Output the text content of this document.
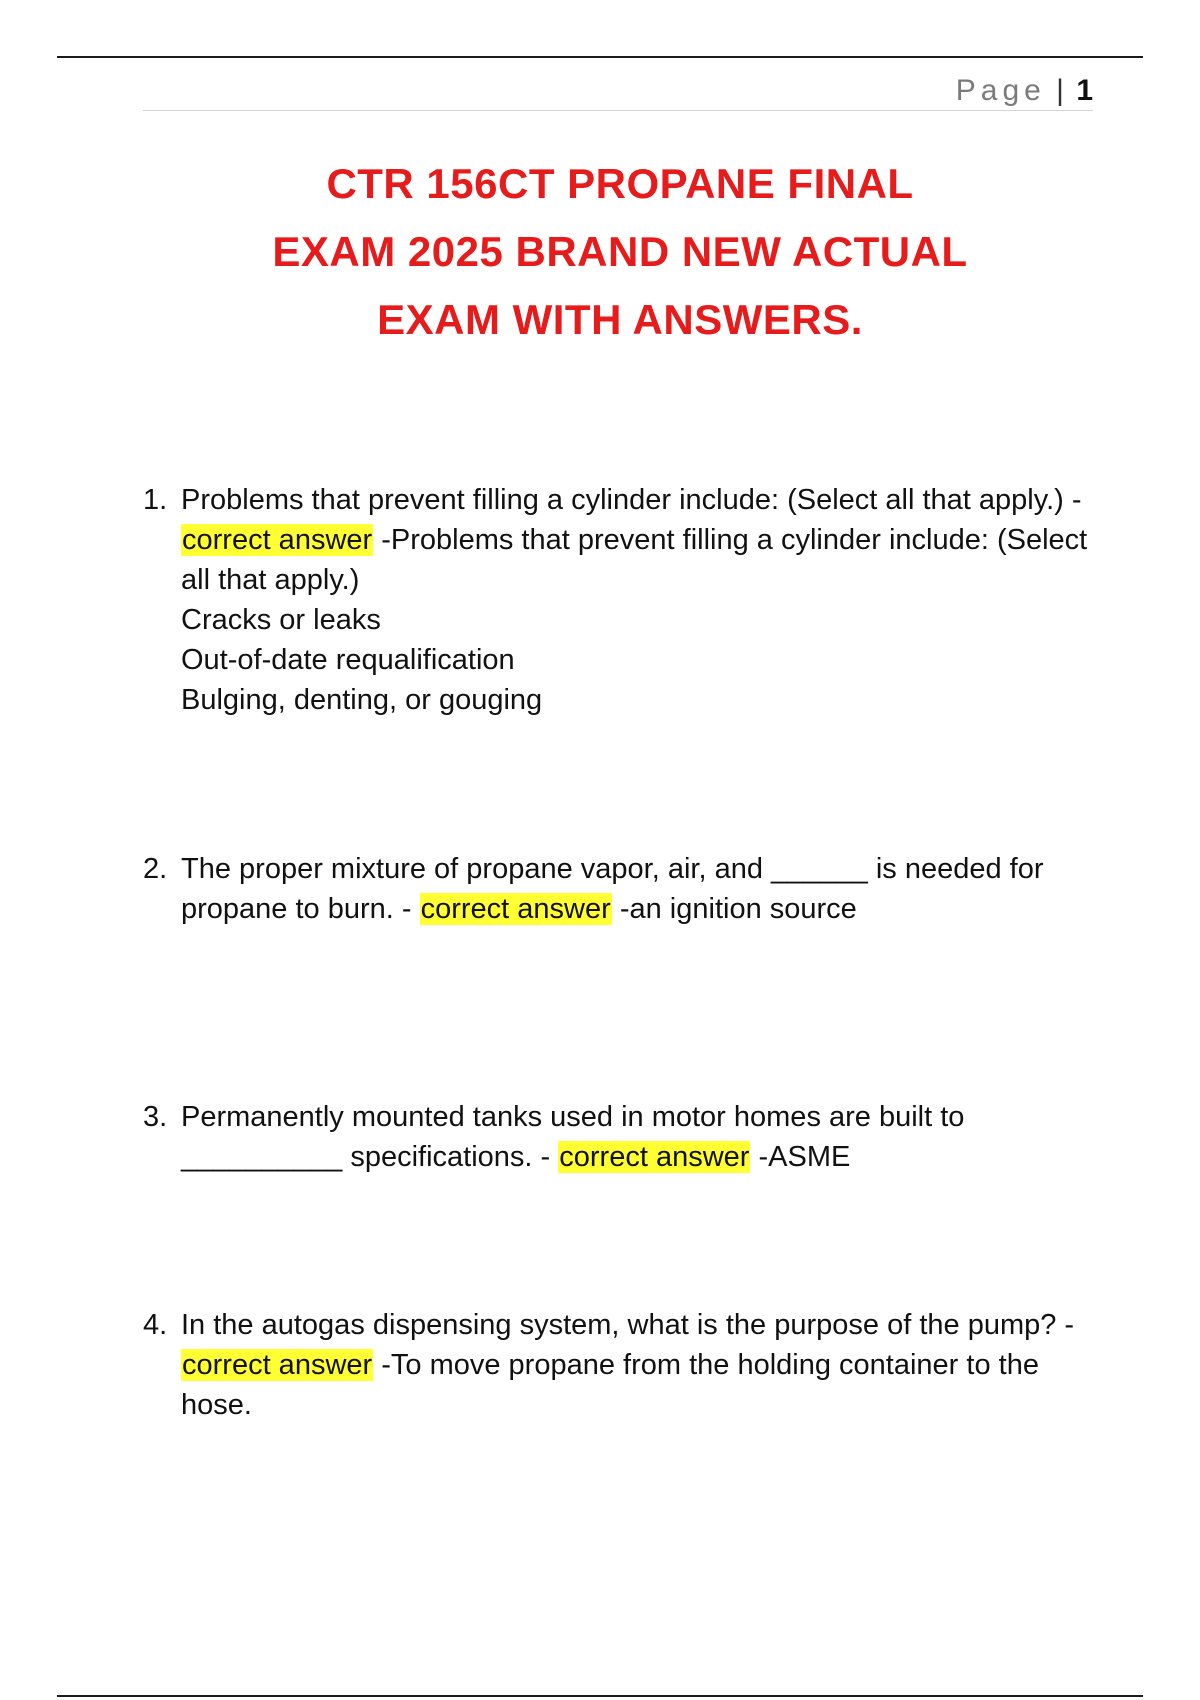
Page | 1
CTR 156CT PROPANE FINAL
EXAM 2025 BRAND NEW ACTUAL
EXAM WITH ANSWERS.
1. Problems that prevent filling a cylinder include: (Select all that apply.) - correct answer -Problems that prevent filling a cylinder include: (Select all that apply.)
Cracks or leaks
Out-of-date requalification
Bulging, denting, or gouging
2. The proper mixture of propane vapor, air, and ______ is needed for propane to burn. - correct answer -an ignition source
3. Permanently mounted tanks used in motor homes are built to __________ specifications. - correct answer -ASME
4. In the autogas dispensing system, what is the purpose of the pump? - correct answer -To move propane from the holding container to the hose.
